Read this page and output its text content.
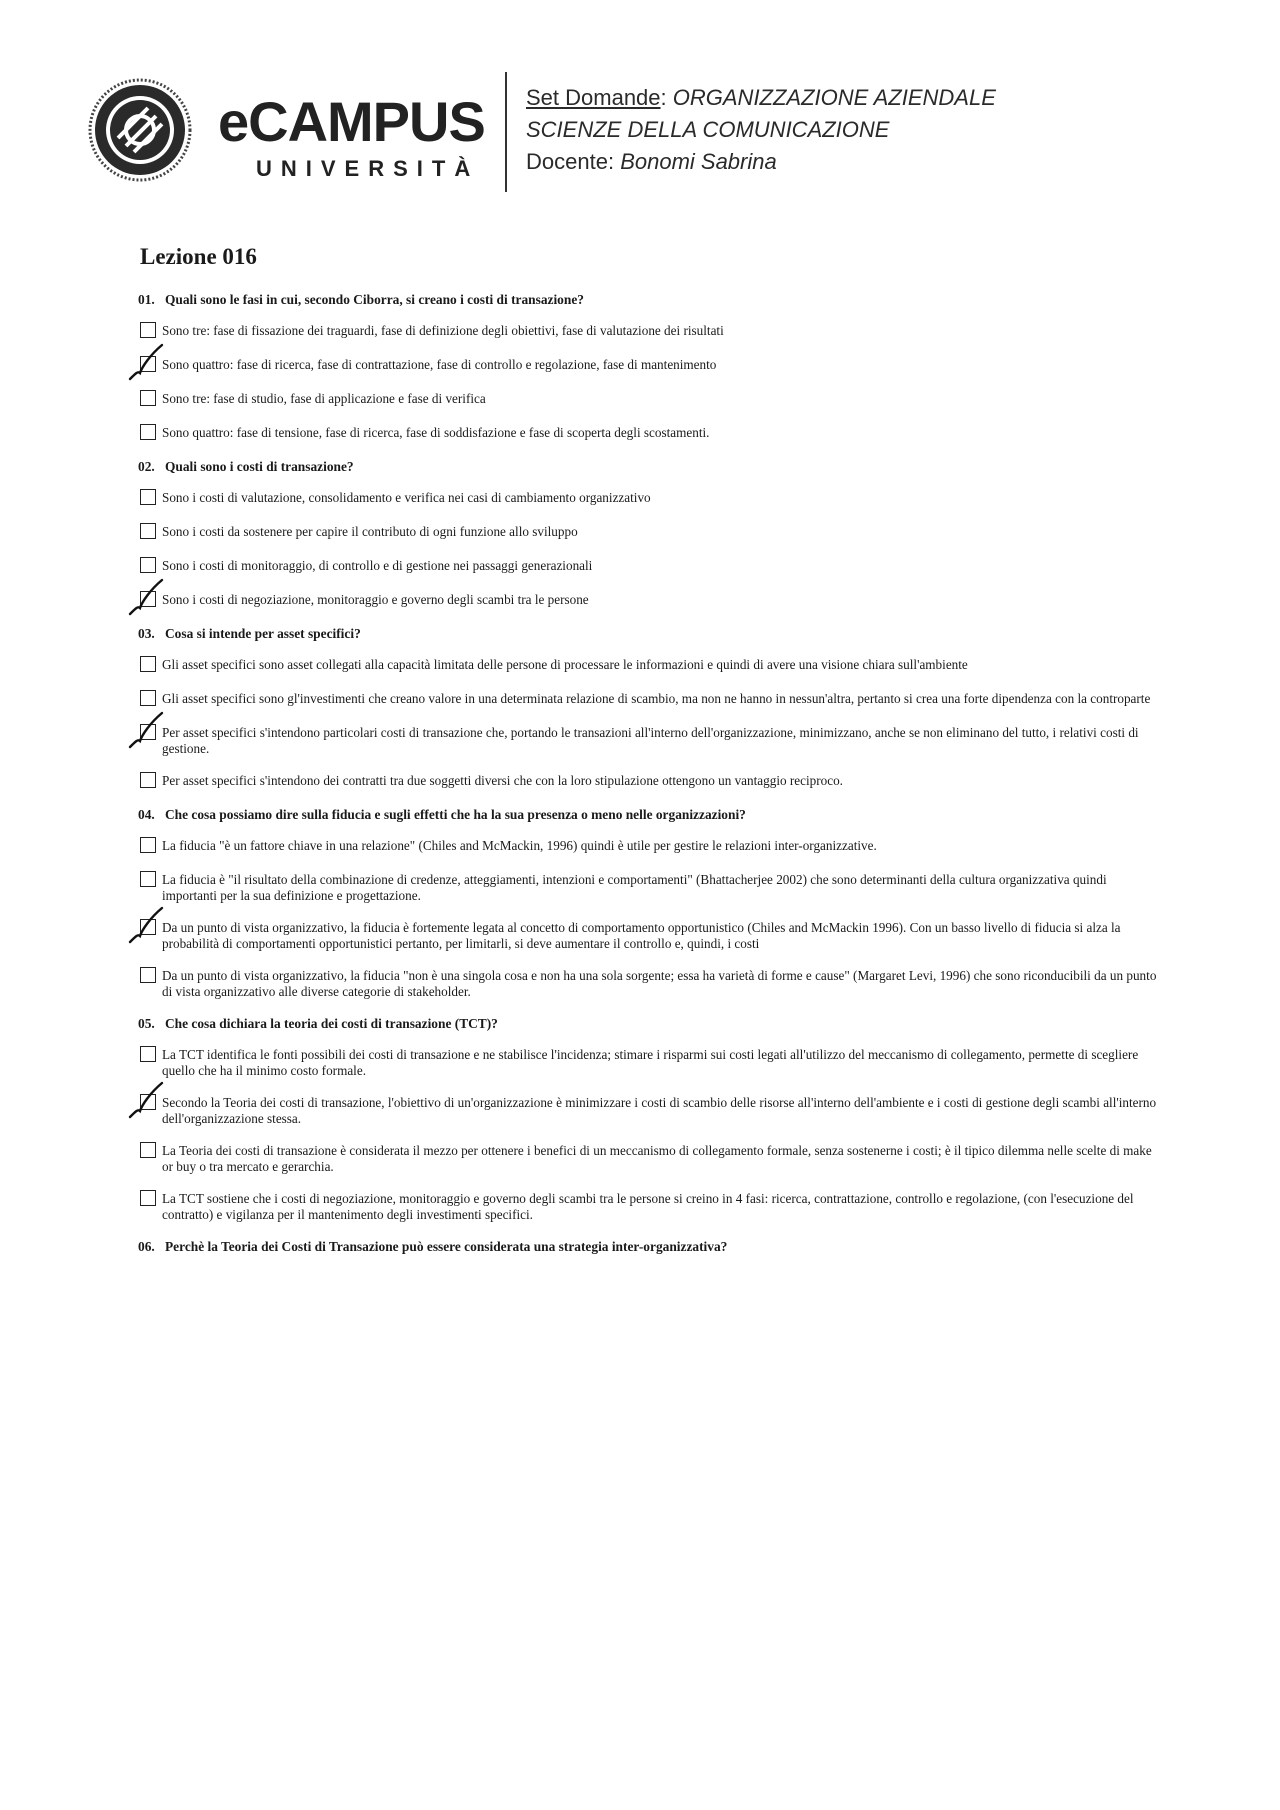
eCAMPUS
UNIVERSITÀ
Set Domande: ORGANIZZAZIONE AZIENDALE
SCIENZE DELLA COMUNICAZIONE
Docente: Bonomi Sabrina
Lezione 016
01. Quali sono le fasi in cui, secondo Ciborra, si creano i costi di transazione?
Sono tre: fase di fissazione dei traguardi, fase di definizione degli obiettivi, fase di valutazione dei risultati
Sono quattro: fase di ricerca, fase di contrattazione, fase di controllo e regolazione, fase di mantenimento
Sono tre: fase di studio, fase di applicazione e fase di verifica
Sono quattro: fase di tensione, fase di ricerca, fase di soddisfazione e fase di scoperta degli scostamenti.
02. Quali sono i costi di transazione?
Sono i costi di valutazione, consolidamento e verifica nei casi di cambiamento organizzativo
Sono i costi da sostenere per capire il contributo di ogni funzione allo sviluppo
Sono i costi di monitoraggio, di controllo e di gestione nei passaggi generazionali
Sono i costi di negoziazione, monitoraggio e governo degli scambi tra le persone
03. Cosa si intende per asset specifici?
Gli asset specifici sono asset collegati alla capacità limitata delle persone di processare le informazioni e quindi di avere una visione chiara sull'ambiente
Gli asset specifici sono gl'investimenti che creano valore in una determinata relazione di scambio, ma non ne hanno in nessun'altra, pertanto si crea una forte dipendenza con la controparte
Per asset specifici s'intendono particolari costi di transazione che, portando le transazioni all'interno dell'organizzazione, minimizzano, anche se non eliminano del tutto, i relativi costi di gestione.
Per asset specifici s'intendono dei contratti tra due soggetti diversi che con la loro stipulazione ottengono un vantaggio reciproco.
04. Che cosa possiamo dire sulla fiducia e sugli effetti che ha la sua presenza o meno nelle organizzazioni?
La fiducia "è un fattore chiave in una relazione" (Chiles and McMackin, 1996) quindi è utile per gestire le relazioni inter-organizzative.
La fiducia è "il risultato della combinazione di credenze, atteggiamenti, intenzioni e comportamenti" (Bhattacherjee 2002) che sono determinanti della cultura organizzativa quindi importanti per la sua definizione e progettazione.
Da un punto di vista organizzativo, la fiducia è fortemente legata al concetto di comportamento opportunistico (Chiles and McMackin 1996). Con un basso livello di fiducia si alza la probabilità di comportamenti opportunistici pertanto, per limitarli, si deve aumentare il controllo e, quindi, i costi
Da un punto di vista organizzativo, la fiducia "non è una singola cosa e non ha una sola sorgente; essa ha varietà di forme e cause" (Margaret Levi, 1996) che sono riconducibili da un punto di vista organizzativo alle diverse categorie di stakeholder.
05. Che cosa dichiara la teoria dei costi di transazione (TCT)?
La TCT identifica le fonti possibili dei costi di transazione e ne stabilisce l'incidenza; stimare i risparmi sui costi legati all'utilizzo del meccanismo di collegamento, permette di scegliere quello che ha il minimo costo formale.
Secondo la Teoria dei costi di transazione, l'obiettivo di un'organizzazione è minimizzare i costi di scambio delle risorse all'interno dell'ambiente e i costi di gestione degli scambi all'interno dell'organizzazione stessa.
La Teoria dei costi di transazione è considerata il mezzo per ottenere i benefici di un meccanismo di collegamento formale, senza sostenerne i costi; è il tipico dilemma nelle scelte di make or buy o tra mercato e gerarchia.
La TCT sostiene che i costi di negoziazione, monitoraggio e governo degli scambi tra le persone si creino in 4 fasi: ricerca, contrattazione, controllo e regolazione, (con l'esecuzione del contratto) e vigilanza per il mantenimento degli investimenti specifici.
06. Perchè la Teoria dei Costi di Transazione può essere considerata una strategia inter-organizzativa?
